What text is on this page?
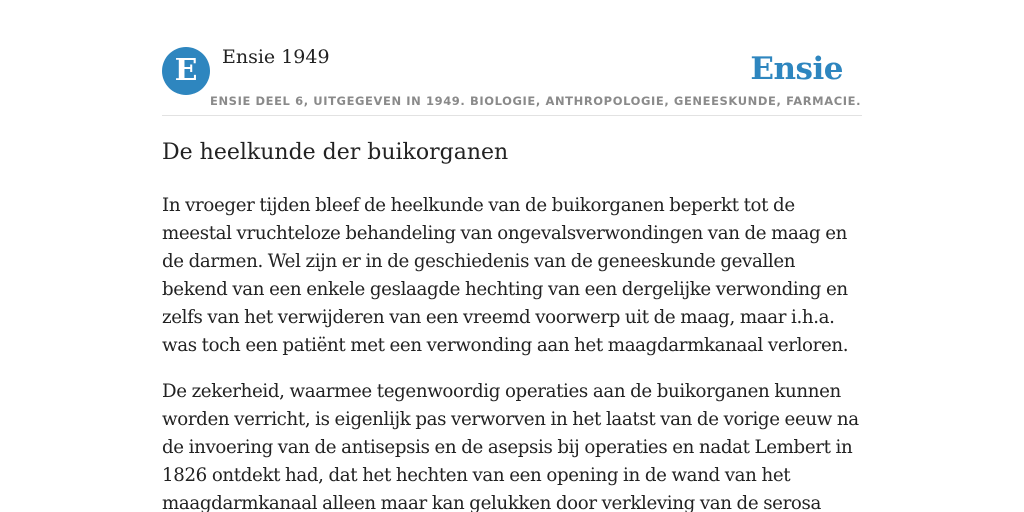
E	Ensie 1949	Ensie
ENSIE DEEL 6, UITGEGEVEN IN 1949. BIOLOGIE, ANTHROPOLOGIE, GENEESKUNDE, FARMACIE.
De heelkunde der buikorganen

In vroeger tijden bleef de heelkunde van de buikorganen beperkt tot de meestal vruchteloze behandeling van ongevalsverwondingen van de maag en de darmen. Wel zijn er in de geschiedenis van de geneeskunde gevallen bekend van een enkele geslaagde hechting van een dergelijke verwonding en zelfs van het verwijderen van een vreemd voorwerp uit de maag, maar i.h.a. was toch een patiënt met een verwonding aan het maagdarmkanaal verloren.

De zekerheid, waarmee tegenwoordig operaties aan de buikorganen kunnen worden verricht, is eigenlijk pas verworven in het laatst van de vorige eeuw na de invoering van de antisepsis en de asepsis bij operaties en nadat Lembert in 1826 ontdekt had, dat het hechten van een opening in de wand van het maagdarmkanaal alleen maar kan gelukken door verkleving van de serosa
